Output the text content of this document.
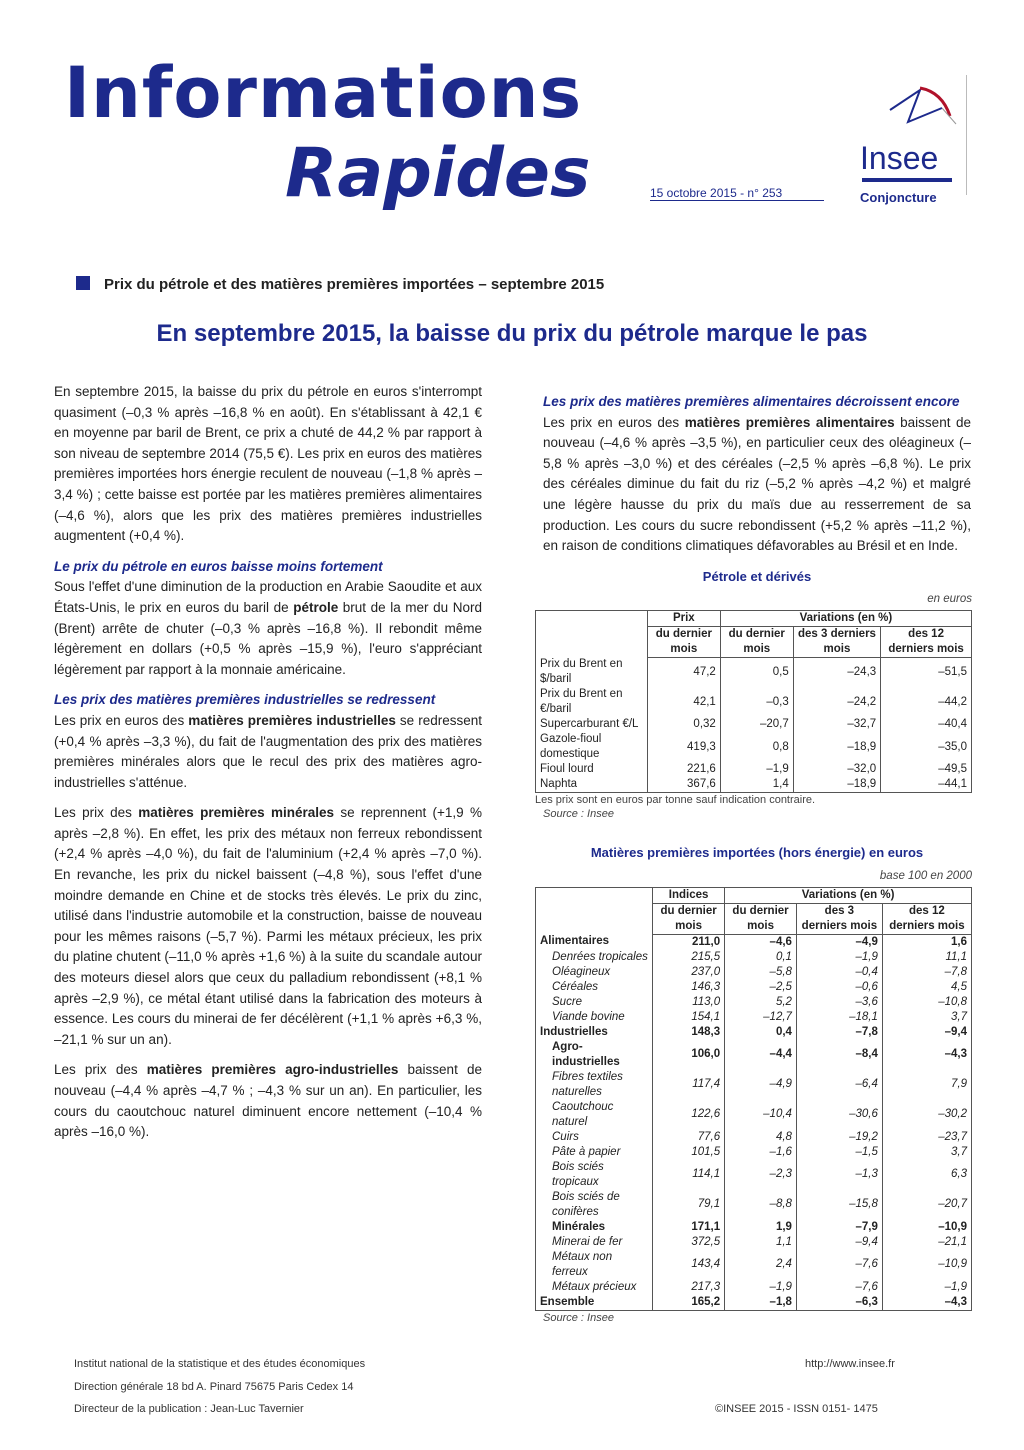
Informations
Rapides	15 octobre 2015 - n° 253
Insee
Conjoncture
Prix du pétrole et des matières premières importées – septembre 2015
En septembre 2015, la baisse du prix du pétrole marque le pas

En septembre 2015, la baisse du prix du pétrole en euros s'interrompt quasiment (–0,3 % après –16,8 % en août). En s'établissant à 42,1 € en moyenne par baril de Brent, ce prix a chuté de 44,2 % par rapport à son niveau de septembre 2014 (75,5 €). Les prix en euros des matières premières importées hors énergie reculent de nouveau (–1,8 % après –3,4 %) ; cette baisse est portée par les matières premières alimentaires (–4,6 %), alors que les prix des matières premières industrielles augmentent (+0,4 %).

Le prix du pétrole en euros baisse moins fortement

Sous l'effet d'une diminution de la production en Arabie Saoudite et aux États-Unis, le prix en euros du baril de pétrole brut de la mer du Nord (Brent) arrête de chuter (–0,3 % après –16,8 %). Il rebondit même légèrement en dollars (+0,5 % après –15,9 %), l'euro s'appréciant légèrement par rapport à la monnaie américaine.

Les prix des matières premières industrielles se redressent

Les prix en euros des matières premières industrielles se redressent (+0,4 % après –3,3 %), du fait de l'augmentation des prix des matières premières minérales alors que le recul des prix des matières agro-industrielles s'atténue.

Les prix des matières premières minérales se reprennent (+1,9 % après –2,8 %). En effet, les prix des métaux non ferreux rebondissent (+2,4 % après –4,0 %), du fait de l'aluminium (+2,4 % après –7,0 %). En revanche, les prix du nickel baissent (–4,8 %), sous l'effet d'une moindre demande en Chine et de stocks très élevés. Le prix du zinc, utilisé dans l'industrie automobile et la construction, baisse de nouveau pour les mêmes raisons (–5,7 %). Parmi les métaux précieux, les prix du platine chutent (–11,0 % après +1,6 %) à la suite du scandale autour des moteurs diesel alors que ceux du palladium rebondissent (+8,1 % après –2,9 %), ce métal étant utilisé dans la fabrication des moteurs à essence. Les cours du minerai de fer décélèrent (+1,1 % après +6,3 %, –21,1 % sur un an).

Les prix des matières premières agro-industrielles baissent de nouveau (–4,4 % après –4,7 % ; –4,3 % sur un an). En particulier, les cours du caoutchouc naturel diminuent encore nettement (–10,4 % après –16,0 %).

Les prix des matières premières alimentaires décroissent encore

Les prix en euros des matières premières alimentaires baissent de nouveau (–4,6 % après –3,5 %), en particulier ceux des oléagineux (–5,8 % après –3,0 %) et des céréales (–2,5 % après –6,8 %). Le prix des céréales diminue du fait du riz (–5,2 % après –4,2 %) et malgré une légère hausse du prix du maïs due au resserrement de sa production. Les cours du sucre rebondissent (+5,2 % après –11,2 %), en raison de conditions climatiques défavorables au Brésil et en Inde.

Pétrole et dérivés
en euros
	Prix	Variations (en %)		
	du dernier mois	du dernier mois	des 3 derniers mois	des 12 derniers mois
Prix du Brent en $/baril	47,2	0,5	–24,3	–51,5
Prix du Brent en €/baril	42,1	–0,3	–24,2	–44,2
Supercarburant €/L	0,32	–20,7	–32,7	–40,4
Gazole-fioul domestique	419,3	0,8	–18,9	–35,0
Fioul lourd	221,6	–1,9	–32,0	–49,5
Naphta	367,6	1,4	–18,9	–44,1
Les prix sont en euros par tonne sauf indication contraire.
Source : Insee
Matières premières importées (hors énergie) en euros
base 100 en 2000
	Indices	Variations (en %)		
	du dernier mois	du dernier mois	des 3 derniers mois	des 12 derniers mois
Alimentaires	211,0	–4,6	–4,9	1,6
Denrées tropicales	215,5	0,1	–1,9	11,1
Oléagineux	237,0	–5,8	–0,4	–7,8
Céréales	146,3	–2,5	–0,6	4,5
Sucre	113,0	5,2	–3,6	–10,8
Viande bovine	154,1	–12,7	–18,1	3,7
Industrielles	148,3	0,4	–7,8	–9,4
Agro-industrielles	106,0	–4,4	–8,4	–4,3
Fibres textiles naturelles	117,4	–4,9	–6,4	7,9
Caoutchouc naturel	122,6	–10,4	–30,6	–30,2
Cuirs	77,6	4,8	–19,2	–23,7
Pâte à papier	101,5	–1,6	–1,5	3,7
Bois sciés tropicaux	114,1	–2,3	–1,3	6,3
Bois sciés de conifères	79,1	–8,8	–15,8	–20,7
Minérales	171,1	1,9	–7,9	–10,9
Minerai de fer	372,5	1,1	–9,4	–21,1
Métaux non ferreux	143,4	2,4	–7,6	–10,9
Métaux précieux	217,3	–1,9	–7,6	–1,9
Ensemble	165,2	–1,8	–6,3	–4,3
Source : Insee
Institut national de la statistique et des études économiques
Direction générale 18 bd A. Pinard 75675 Paris Cedex 14
Directeur de la publication : Jean-Luc Tavernier
http://www.insee.fr
©INSEE 2015 - ISSN 0151- 1475
